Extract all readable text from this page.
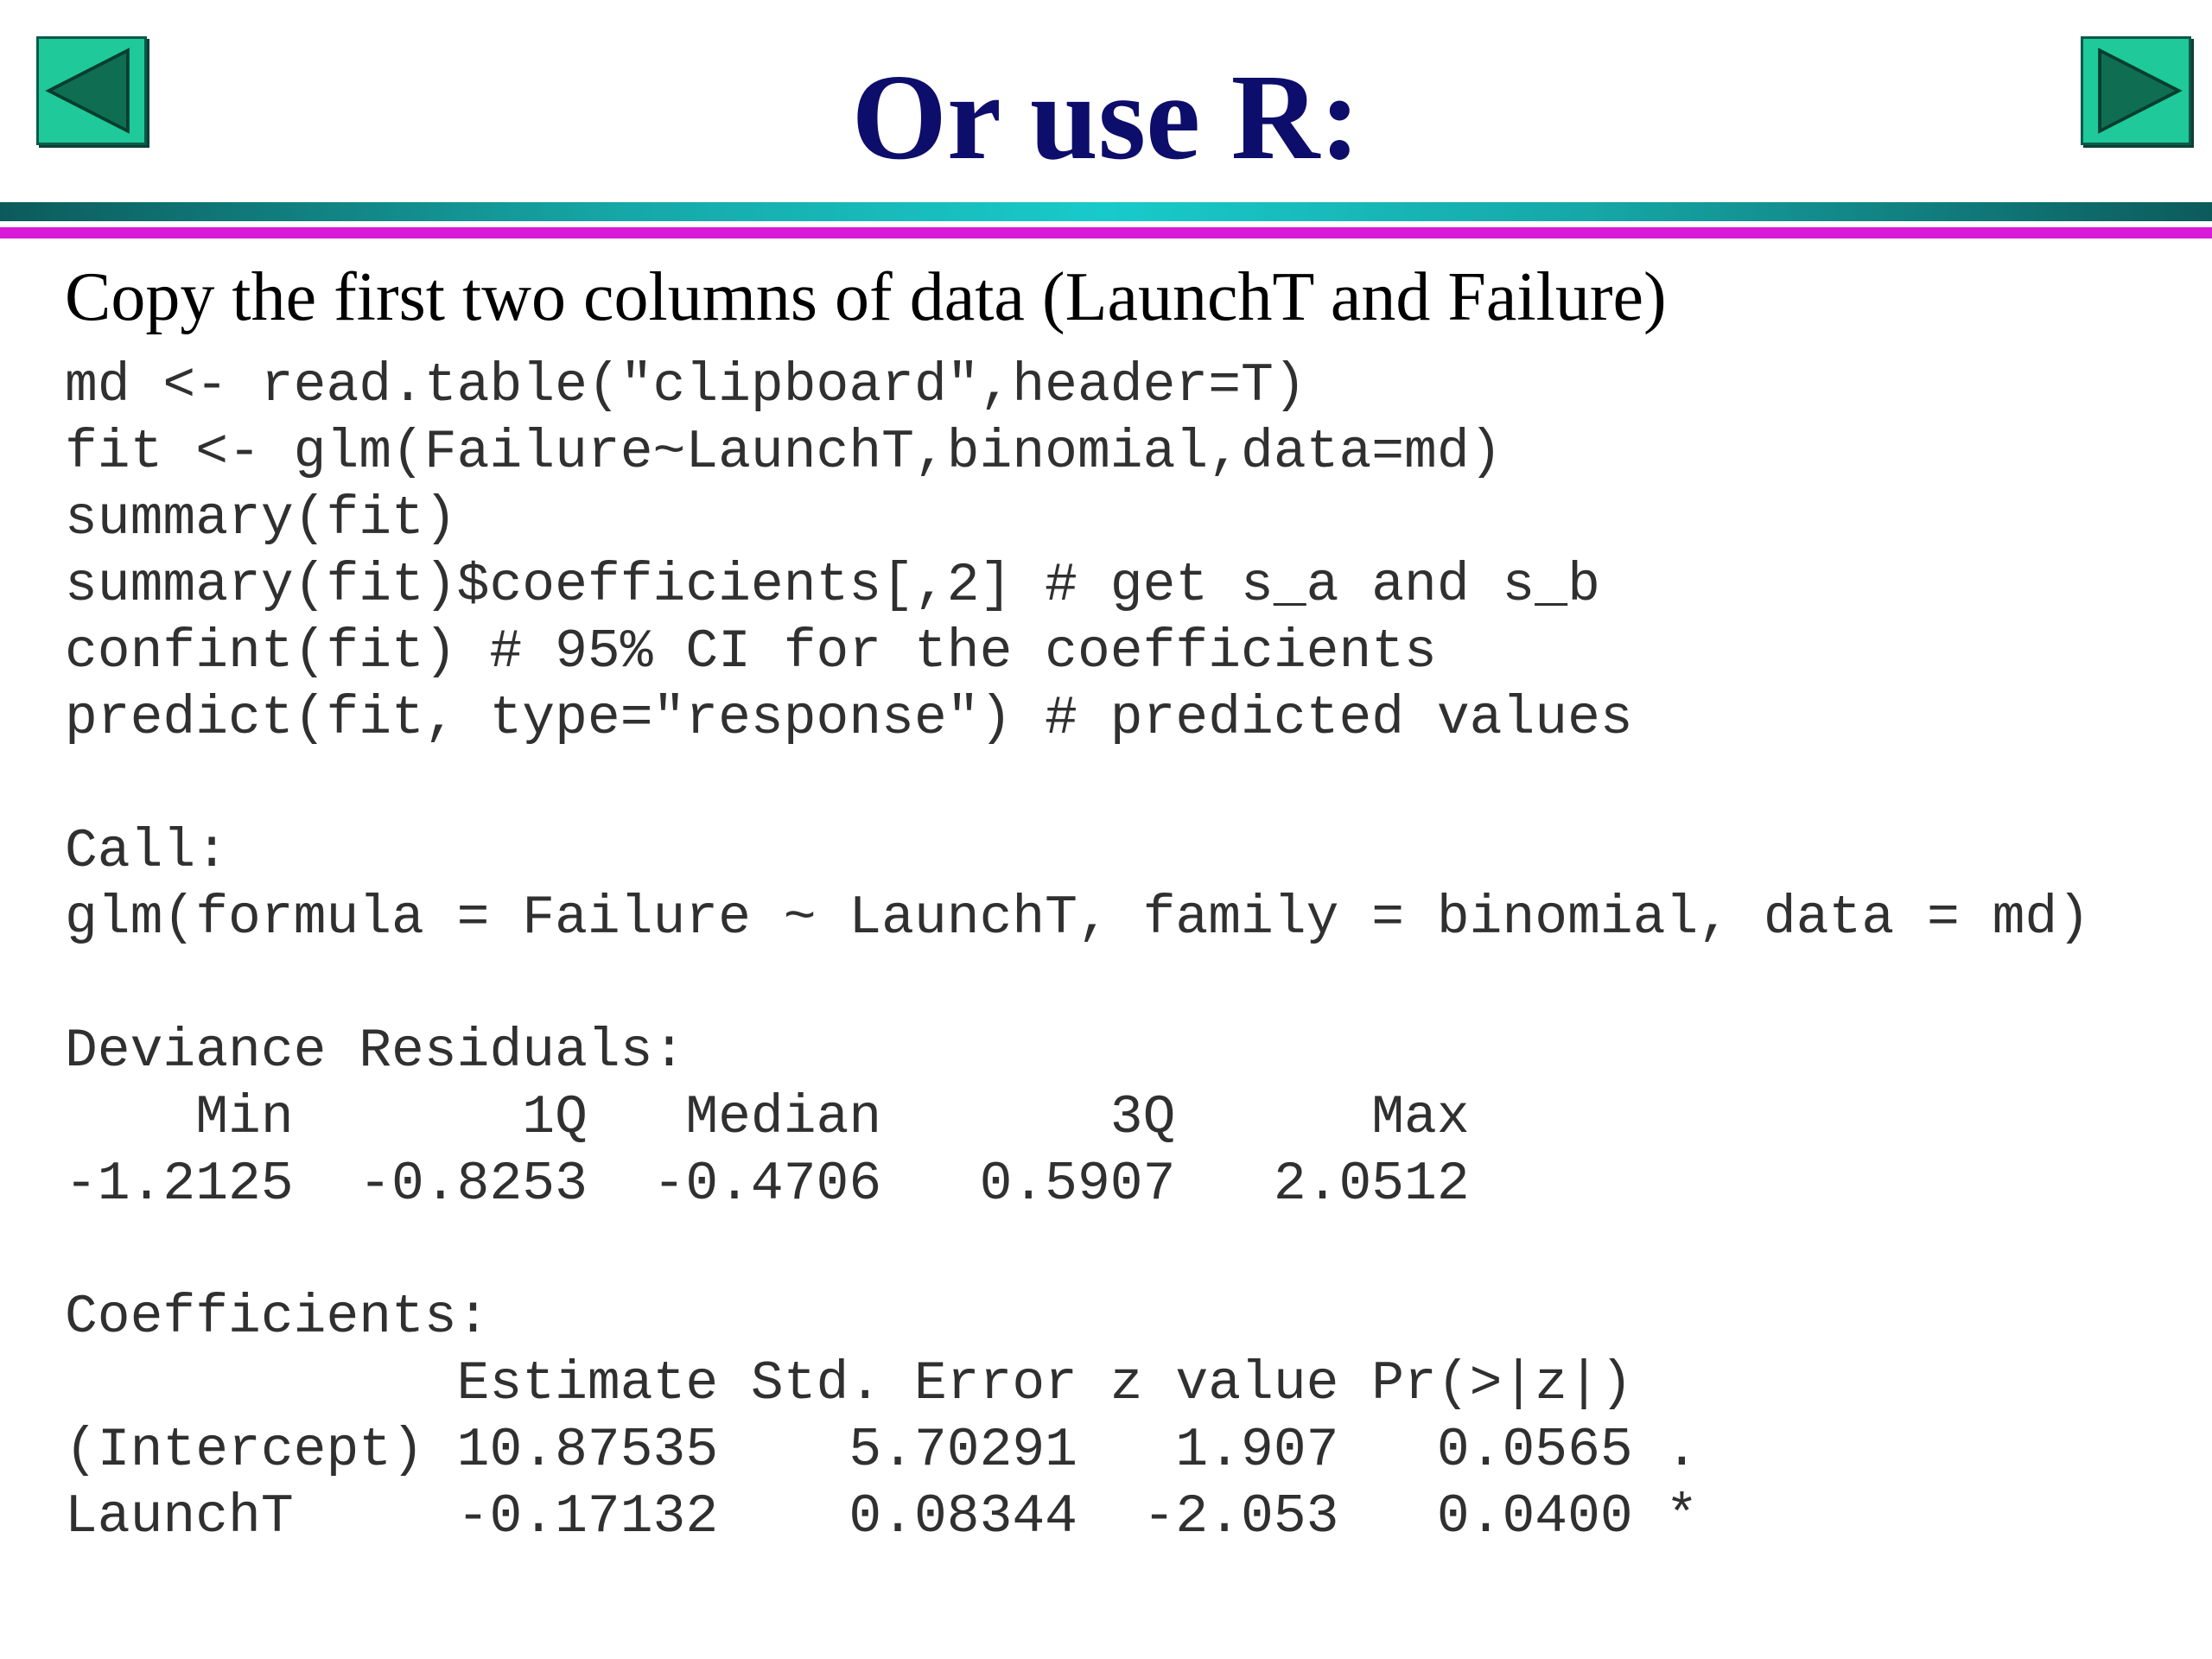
Or use R:

Copy the first two columns of data (LaunchT and Failure)

md <- read.table("clipboard",header=T)
fit <- glm(Failure~LaunchT,binomial,data=md)
summary(fit)
summary(fit)$coefficients[,2] # get s_a and s_b
confint(fit) # 95% CI for the coefficients
predict(fit, type="response") # predicted values
Call:
glm(formula = Failure ~ LaunchT, family = binomial, data = md)
Deviance Residuals:
Min       1Q   Median       3Q      Max
-1.2125  -0.8253  -0.4706   0.5907   2.0512
Coefficients:
Estimate Std. Error z value Pr(>|z|)
(Intercept) 10.87535    5.70291   1.907   0.0565 .
LaunchT     -0.17132    0.08344  -2.053   0.0400 *
